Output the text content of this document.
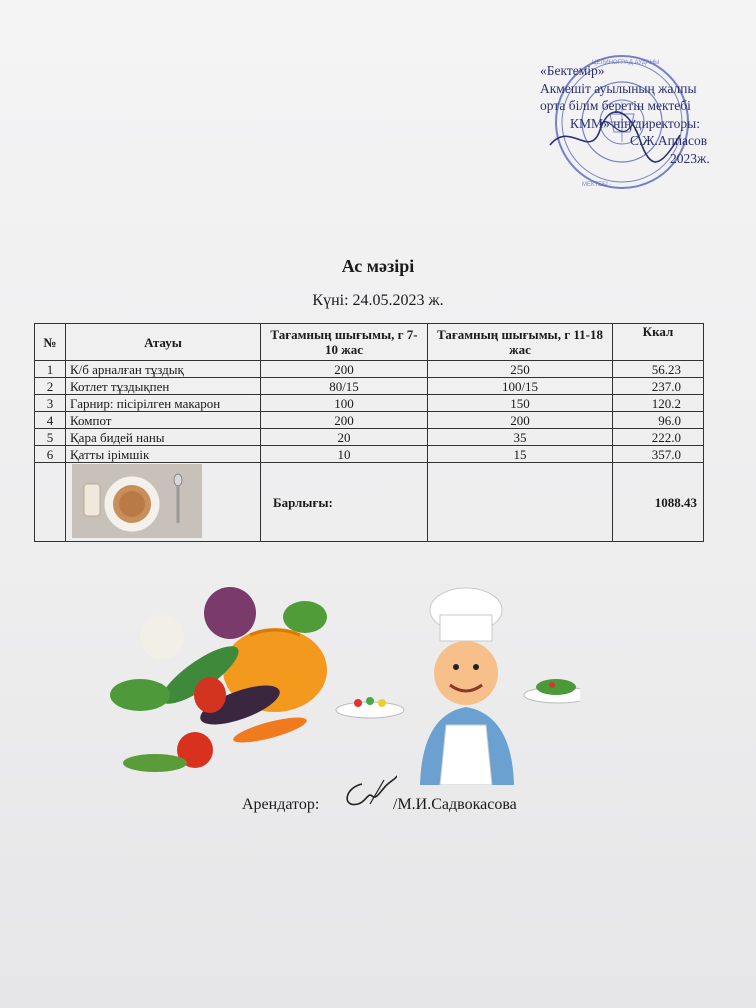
ЦЕЛИНОГРАД АУДАНЫ
МЕКТЕБІ ·
«Бектемір»
Акмешіт ауылының жалпы
орта білім беретін мектебі
КММ» нің директоры:
С.Ж.Аппасов
2023ж.
Ас мәзірі
Күні: 24.05.2023 ж.
№	Атауы	Тағамның шығымы, г 7-10 жас	Тағамның шығымы, г 11-18 жас	Ккал
1	К/б арналған тұздық	200	250	56.23
2	Котлет тұздықпен	80/15	100/15	237.0
3	Гарнир: пісірілген макарон	100	150	120.2
4	Компот	200	200	96.0
5	Қара бидей наны	20	35	222.0
6	Қатты ірімшік	10	15	357.0
		Барлығы:		1088.43
Арендатор:	/М.И.Садвокасова
